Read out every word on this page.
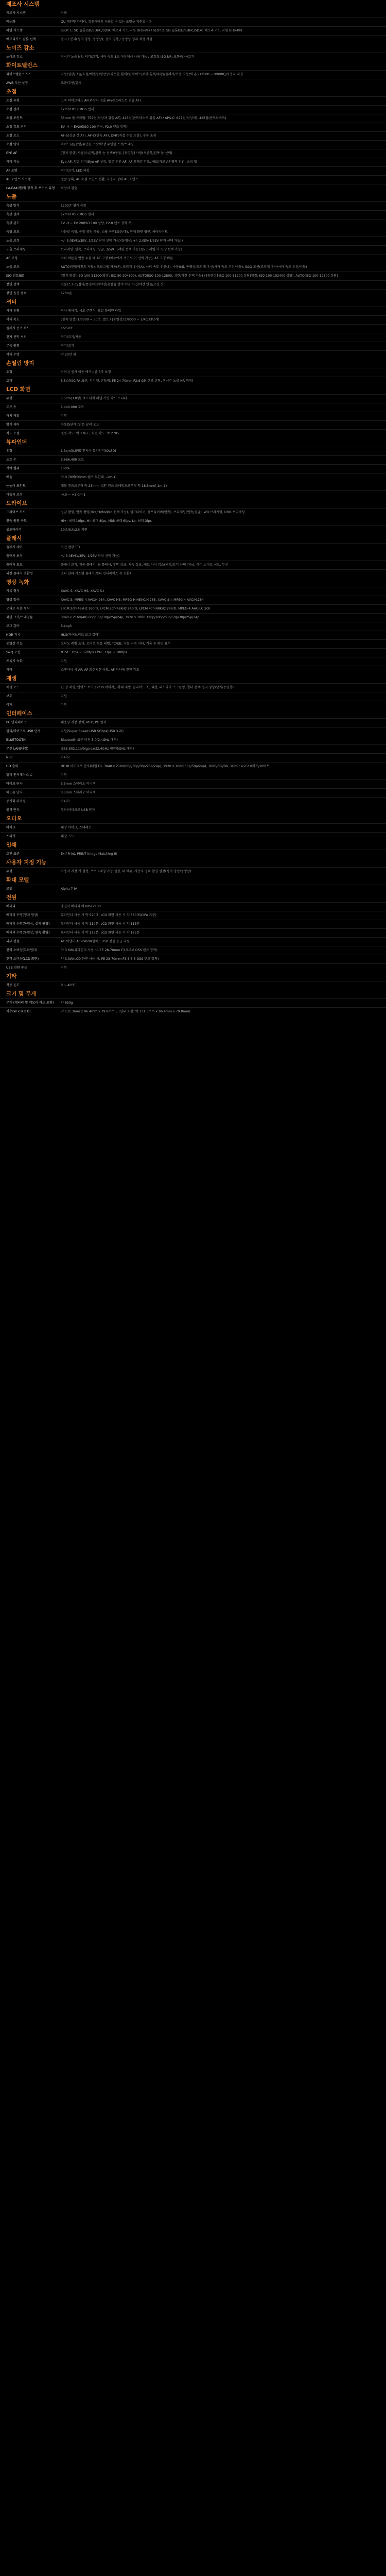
제조사 시스템
제조사 시스템	이용
메뉴화	QU 메인및 카메라, 컴퓨터에서 사용할 수 있는 포맷을 지원합니다.
파일 시스템	SLOT 1: SD 슬롯(SD/SDHC/SDXC 메모리 카드 지원 UHS-I/II) / SLOT 2: SD 슬롯(SD/SDHC/SDXC 메모리 카드 지원 UHS-I/II)
메모리카드 슬롯 선택	동시 / 분리(정지 영상, 동영상), 정지 영상 / 동영상 정리 재생 지원
노이즈 감소
노이즈 감소	장시간 노출 NR: 켜기/끄기, 셔터 속도 1초 이상에서 사용 가능 / 고감도 ISO NR: 보통/낮음/끄기
화이트밸런스
화이트밸런스 모드	자동/일광/그늘/흐림/백열등/형광등(따뜻한 흰색/쿨 화이트/주광 흰색/주광)/플래시/수중 자동/색 온도(2500 ~ 9900K)/사용자 지정
AWB 우선 설정	표준/주변/흰색
초점
초점 유형	고속 하이브리드 AF(위상차 검출 AF/콘트라스트 검출 AF)
초점 센서	Exmor RS CMOS 센서
초점 포인트	35mm 풀 프레임: 759점(위상차 검출 AF), 425점(콘트라스트 검출 AF) / APS-C: 627점(위상차), 425점(콘트라스트)
초점 감도 범위	EV -4 ~ EV20(ISO 100 환산, F2.0 렌즈 장착)
초점 모드	AF-S(싱글 샷 AF), AF-C(연속 AF), DMF(직접 수동 초점), 수동 초점
초점 영역	와이드/존/중앙/유연한 스팟/확장 유연한 스팟/트래킹
EYE AF	[정지 영상] 사람(오른쪽/왼쪽 눈 선택)/동물, [동영상] 사람(오른쪽/왼쪽 눈 선택)
기타 기능	Eye AF, 얼굴 감지/Eye AF 설정, 얼굴 우선 AF, AF 트래킹 감도, 세로/가로 AF 영역 전환, 초점 맵
AF 조명	켜기/끄기, LED 타입
AF 포인트 시스템	얼굴 등록, AF 초점 포인트 전환, 사용자 정의 AF 포인트
LA-EA4(별매) 장착 후 포커스 유형	위상차 검출
노출
측광 방식	1200존 평가 측광
측광 센서	Exmor RS CMOS 센서
측광 감도	EV -3 ~ EV 20(ISO 100 상당, F2.0 렌즈 장착 시)
측광 모드	다분할 측광, 중앙 중점 측광, 스팟 측광(표준/대), 전체 화면 평균, 하이라이트
노출 보정	+/- 5.0EV(1/3EV, 1/2EV 단위 선택 가능)(동영상: +/- 2.0EV(1/3EV 단위 선택 가능))
노출 브라케팅	브라케팅: 연속, 브라케팅: 싱글, 3/5/9 프레임 선택 가능(3/5 프레임 시 3EV 선택 가능)
AE 고정	셔터 버튼을 반쯤 누를 때 AE 고정 (메뉴에서 켜기/끄기 선택 가능), AE 고정 버튼
노출 모드	AUTO(인텔리전트 자동), 프로그램 자동(P), 조리개 우선(A), 셔터 속도 우선(S), 수동(M), 동영상(조리개 우선/셔터 속도 우선/수동), S&Q 모션(조리개 우선/셔터 속도 우선/수동)
ISO 감도(EI)	[정지 영상] ISO 100-51200(확장: ISO 50-204800), AUTO(ISO 100-12800, 상한/하한 선택 가능) / [동영상] ISO 100-51200 상당(확장: ISO 100-102400 상당), AUTO(ISO 100-12800 상당)
장면 선택	인물/스포츠/접사/풍경/석양/야경/손떨림 방지 야경 사진/야간 인물/모션 샷
장면 옵션 범위	1200존
셔터
셔터 유형	전자 제어식, 세로 주행식, 포컬 플레인 타입
셔터 속도	[정지 영상] 1/8000 ~ 30초, 벌브 / [동영상] 1/8000 ~ 1/4(1/3단계)
플래시 동조 속도	1/250초
전자 선막 셔터	켜기/끄기/자동
무음 촬영	켜기/끄기
셔터 수명	약 20만 회
손떨림 방지
유형	이미지 센서 이동 메커니즘 5축 보정
효과	5.5스톱(CIPA 표준, 피치/요 흔들림, FE 24-70mm F2.8 GM 렌즈 장착, 장시간 노출 NR 꺼짐)
LCD 화면
유형	7.5cm(3.0형) TFT 터치 패널 가변 각도 모니터
도트 수	1,440,000 도트
터치 패널	지원
밝기 제어	수동(5단계)/맑은 날씨 모드
각도 조절	열림 각도: 약 176도, 회전 각도: 약 270도
뷰파인더
유형	1.3cm(0.5형) 전자식 뷰파인더(OLED)
도트 수	3,686,400 도트
시야 범위	100%
배율	약 0.78배(50mm 렌즈 무한대, -1m-1)
눈높이 포인트	대물 렌즈로부터 약 23mm, 접안 렌즈 프레임으로부터 약 18.5mm(-1m-1)
디옵터 조정	-4.0 ~ +3.0m-1
드라이브
드라이브 모드	싱글 촬영, 연속 촬영(Hi+/Hi/Mid/Lo 선택 가능), 셀프타이머, 셀프타이머(연속), 브라케팅(연속/싱글), WB 브라케팅, DRO 브라케팅
연속 촬영 속도	Hi+: 최대 10fps, Hi: 최대 8fps, Mid: 최대 6fps, Lo: 최대 3fps
셀프타이머	10초/5초/2초 지연
플래시
플래시 제어	사전 발광 TTL
플래시 보정	+/-3.0EV(1/3EV, 1/2EV 단위 선택 가능)
플래시 모드	플래시 끄기, 자동 플래시, 필 플래시, 후막 싱크, 저속 싱크, 레드 아이 감소(켜기/끄기 선택 가능), 하이 스피드 싱크, 무선
외장 플래시 호환성	소니 알파 시스템 플래시(멀티 인터페이스 슈 호환)
영상 녹화
기록 형식	XAVC S, XAVC HS, XAVC S-I
영상 압축	XAVC S: MPEG-4 AVC/H.264, XAVC HS: MPEG-H HEVC/H.265, XAVC S-I: MPEG-4 AVC/H.264
오디오 녹음 형식	LPCM 2ch(48kHz 16bit), LPCM 2ch(48kHz 24bit), LPCM 4ch(48kHz 24bit), MPEG-4 AAC-LC 2ch
화면 크기/프레임률	3840 x 2160(4K) 60p/50p/30p/25p/24p, 1920 x 1080 120p/100p/60p/50p/30p/25p/24p
로그 감마	S-Log3
HDR 기록	HLG(하이브리드 로그 감마)
동영상 기능	오디오 레벨 표시, 오디오 녹음 레벨, TC/UB, 자동 저속 셔터, 기록 중 화면 표시
S&Q 모션	NTSC: 1fps ~ 120fps / PAL: 1fps ~ 100fps
프록시 녹화	지원
기타	스탠바이 시 AF, AF 트랜지션 속도, AF 피사체 전환 감도
재생
재생 모드	한 장 재생, 인덱스 보기(12/30 이미지), 확대 재생, 슬라이드 쇼, 회전, 파노라마 스크롤링, 폴더 선택(정지 영상/날짜/동영상)
보호	지원
삭제	지원
인터페이스
PC 인터페이스	대용량 저장 장치, MTP, PC 원격
멀티/마이크로 USB 단자	지원(Super Speed USB 5Gbps(USB 3.2))
BLUETOOTH	Bluetooth 표준 버전 5.0(2.4GHz 대역)
무선 LAN(내장)	IEEE 802.11a/b/g/n/ac(2.4GHz 대역/5GHz 대역)
NFC	아니요
HD 출력	HDMI 마이크로 단자(타입 D), 3840 x 2160(60p/50p/30p/25p/24p), 1920 x 1080(60p/50p/24p), 1080/60i/50i, YCbCr 4:2:2 8비트/10비트
멀티 인터페이스 슈	지원
마이크 단자	3.5mm 스테레오 미니잭
헤드폰 단자	3.5mm 스테레오 미니잭
동기화 터미널	아니요
원격 단자	멀티/마이크로 USB 단자
오디오
마이크	내장 마이크, 스테레오
스피커	내장, 모노
인쇄
호환 표준	Exif Print, PRINT Image Matching III
사용자 지정 기능
유형	사용자 지정 키 설정, 프로그래밍 가능 설정, 내 메뉴, 사용자 정의 촬영 설정(정지 영상/동영상)
확대 모델
모델	Alpha 7 IV
전원
배터리	충전식 배터리 팩 NP-FZ100
배터리 수명(정지 영상)	뷰파인더 사용 시 약 520매, LCD 화면 사용 시 약 580매(CIPA 표준)
배터리 수명(동영상, 실제 촬영)	뷰파인더 사용 시 약 110분, LCD 화면 사용 시 약 115분
배터리 수명(동영상, 연속 촬영)	뷰파인더 사용 시 약 175분, LCD 화면 사용 시 약 175분
외부 전원	AC 어댑터 AC-PW20(별매), USB 전원 공급 지원
전력 소비량(뷰파인더)	약 3.6W(뷰파인더 사용 시, FE 28-70mm F3.5-5.6 OSS 렌즈 장착)
전력 소비량(LCD 화면)	약 3.3W(LCD 화면 사용 시, FE 28-70mm F3.5-5.6 OSS 렌즈 장착)
USB 전원 공급	지원
기타
작동 온도	0 ~ 40°C
크기 및 무게
무게 (배터리 및 메모리 카드 포함)	약 659g
치수(W x H x D)	약 131.3mm x 96.4mm x 79.8mm (그립부 포함: 약 131.3mm x 96.4mm x 79.8mm)
